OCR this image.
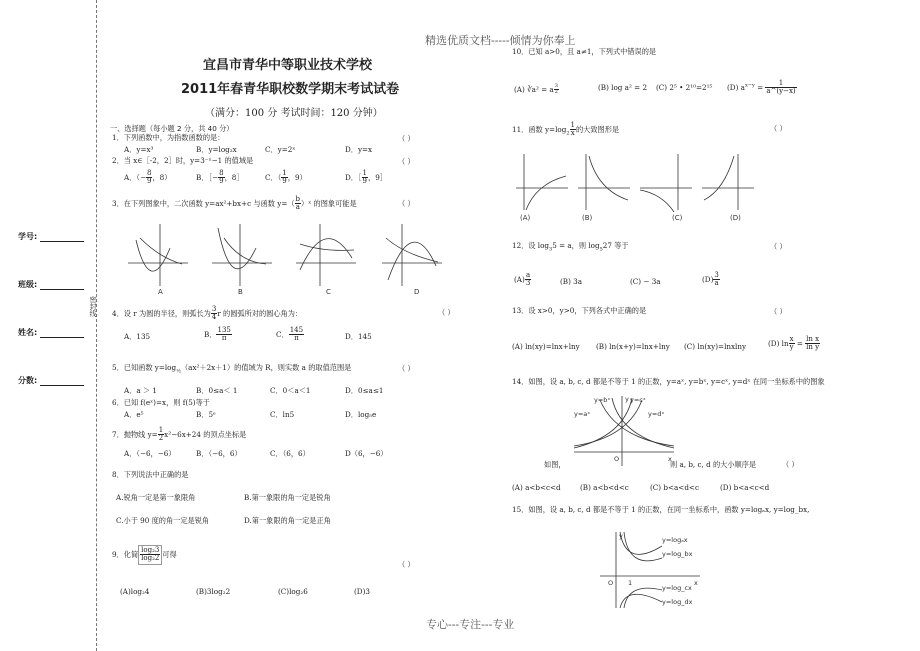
精选优质文档-----倾情为你奉上
专心---专注---专业
密封线
学号:
班级:
姓名:
分数:
宜昌市青华中等职业技术学校
2011年春青华职校数学期末考试试卷
（满分：100 分 考试时间：120 分钟）
一、选择题（每小题 2 分，共 40 分）
1．下列函数中，为指数函数的是：	（ ）
A．y=x³	B．y=log₃x	C．y=2ˣ	D．y=x
2．当 x∈［-2，2］时，y=3⁻ˣ−1 的值域是	（ ）
A．（− $\frac{8}{9}$ ，8）	B．［− $\frac{8}{9}$ ，8］	C．（ $\frac{1}{9}$ ，9）	D．［ $\frac{1}{9}$ ，9］
3．在下列图象中，二次函数 y=ax²+bx+c 与函数 $y=( \frac{b}{a}$ ）ˣ 的图象可能是	（ ）
A	B	C	D
4．设 r 为圆的半径，则弧长为 $\frac{3}{4}$ r 的圆弧所对的圆心角为：	（ ）
A．135	B． $\frac{135}{\pi}$	C． $\frac{145}{\pi}$	D．145
5．已知函数 $y=\log_{\frac{1}{2}}(ax^2+2x+1)$的值域为 R，则实数 a 的取值范围是	（ ）
A．a ＞ 1	B．0≤a＜ 1	C．0＜a＜1	D．0≤a≤1
6．已知 f(eˣ)=x，则 f(5)等于
A．e⁵	B．5ᵉ	C．ln5	D．log₅e
7．抛物线 $y= \frac{1}{2} x^2-6x+24$ 的顶点坐标是
A．（−6，−6）	B．（−6，6）	C．（6，6）	D（6，−6）
8．下列说法中正确的是
A.锐角一定是第一象限角	B.第一象限的角一定是锐角
C.小于 90 度的角一定是锐角	D.第一象限的角一定是正角
9．化简 $\frac{\text{log₂3}}{\text{log₂2}}$ 可得
（ ）
(A)log₂4	(B)3log₂2	(C)log₂6	(D)3
10．已知 a>0，且 a≠1，下列式中错误的是
(A) ∛a² = a $\frac{3}{2}$	(B) log a² = 2 (C) 2⁵ • 2¹⁰=2¹⁵ (D) $a^{x-y} = \frac{1}{a\^{}(y-x)}$
11．函数 $y=\log_2 \frac{1}{x}$ 的大致图形是	（ ）
(A)	(B)	(C)	(D)
12．设 $\log_35 = a$，则 $\log_527$ 等于	（ ）
$(A) \frac{a}{3}$	(B) 3a	(C) − 3a	$(D) \frac{3}{a}$
13．设 x>0，y>0，下列各式中正确的是	（ ）
(A) ln(xy)=lnx+lny (B) ln(x+y)=lnx+lny (C) ln(xy)=lnxlny	(D) $\ln \frac{x}{y} = \frac{\text{ln x}}{\text{ln y}}$
14．如图，设 a, b, c, d 都是不等于 1 的正数，y=aˣ, y=bˣ, y=cˣ, y=dˣ 在同一坐标系中的图象
y=bˣ	y=cˣ
y=aˣ	y=dˣ
O	x
y
如图，	则 a, b, c, d 的大小顺序是	（ ）
(A) a<b<c<d	(B) a<b<d<c	(C) b<a<d<c	(D) b<a<c<d
15．如图，设 a, b, c, d 都是不等于 1 的正数，在同一坐标系中，函数 y=logₐx, y=log_bx,
y=logₐx
y=log_bx
y=log_cx
y=log_dx
O 1	x
y
